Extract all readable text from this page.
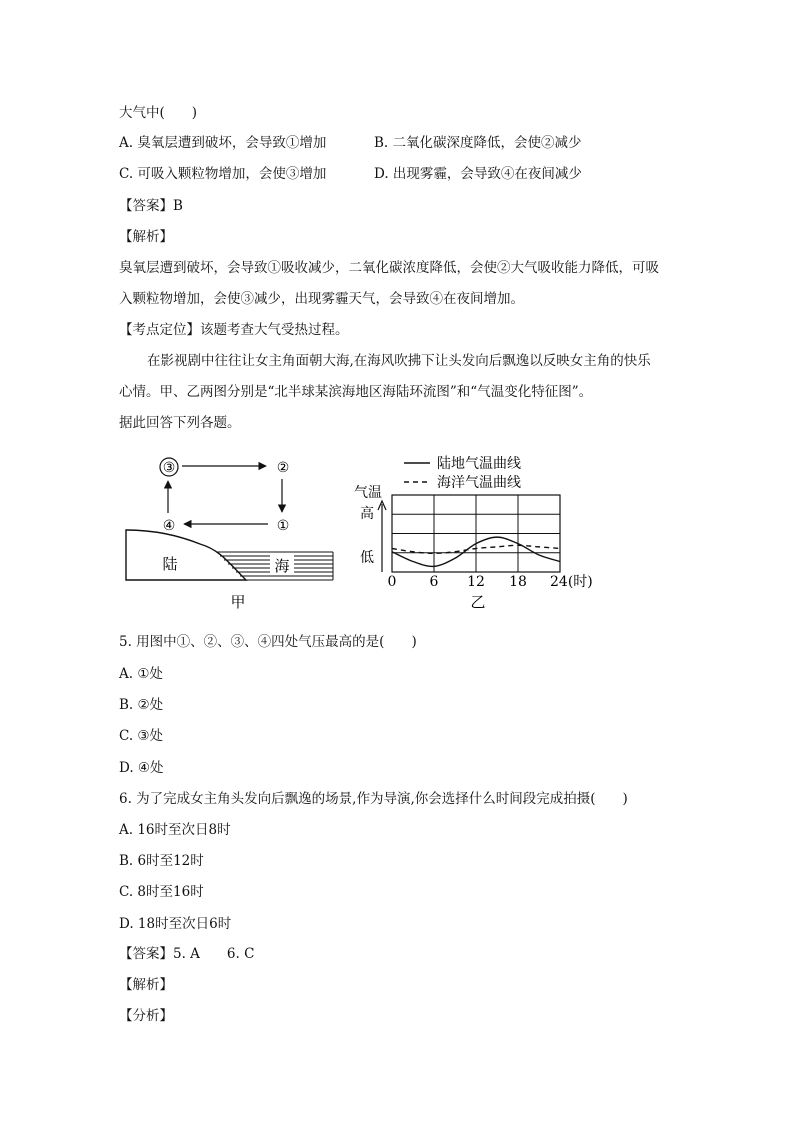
大气中(　　)
A. 臭氧层遭到破坏，会导致①增加	B. 二氧化碳深度降低，会使②减少
C. 可吸入颗粒物增加，会使③增加	D. 出现雾霾，会导致④在夜间减少
【答案】B
【解析】
臭氧层遭到破坏，会导致①吸收减少，二氧化碳浓度降低，会使②大气吸收能力降低，可吸
入颗粒物增加，会使③减少，出现雾霾天气，会导致④在夜间增加。
【考点定位】该题考查大气受热过程。
在影视剧中往往让女主角面朝大海,在海风吹拂下让头发向后飘逸以反映女主角的快乐
心情。甲、乙两图分别是“北半球某滨海地区海陆环流图”和“气温变化特征图”。
据此回答下列各题。
③	②
④	①
陆	海
甲
陆地气温曲线
海洋气温曲线
气温
高
低
0 6 12 18 24(时)
乙
5. 用图中①、②、③、④四处气压最高的是(　　)
A. ①处
B. ②处
C. ③处
D. ④处
6. 为了完成女主角头发向后飘逸的场景,作为导演,你会选择什么时间段完成拍摄(　　)
A. 16时至次日8时
B. 6时至12时
C. 8时至16时
D. 18时至次日6时
【答案】5. A　　6. C
【解析】
【分析】
